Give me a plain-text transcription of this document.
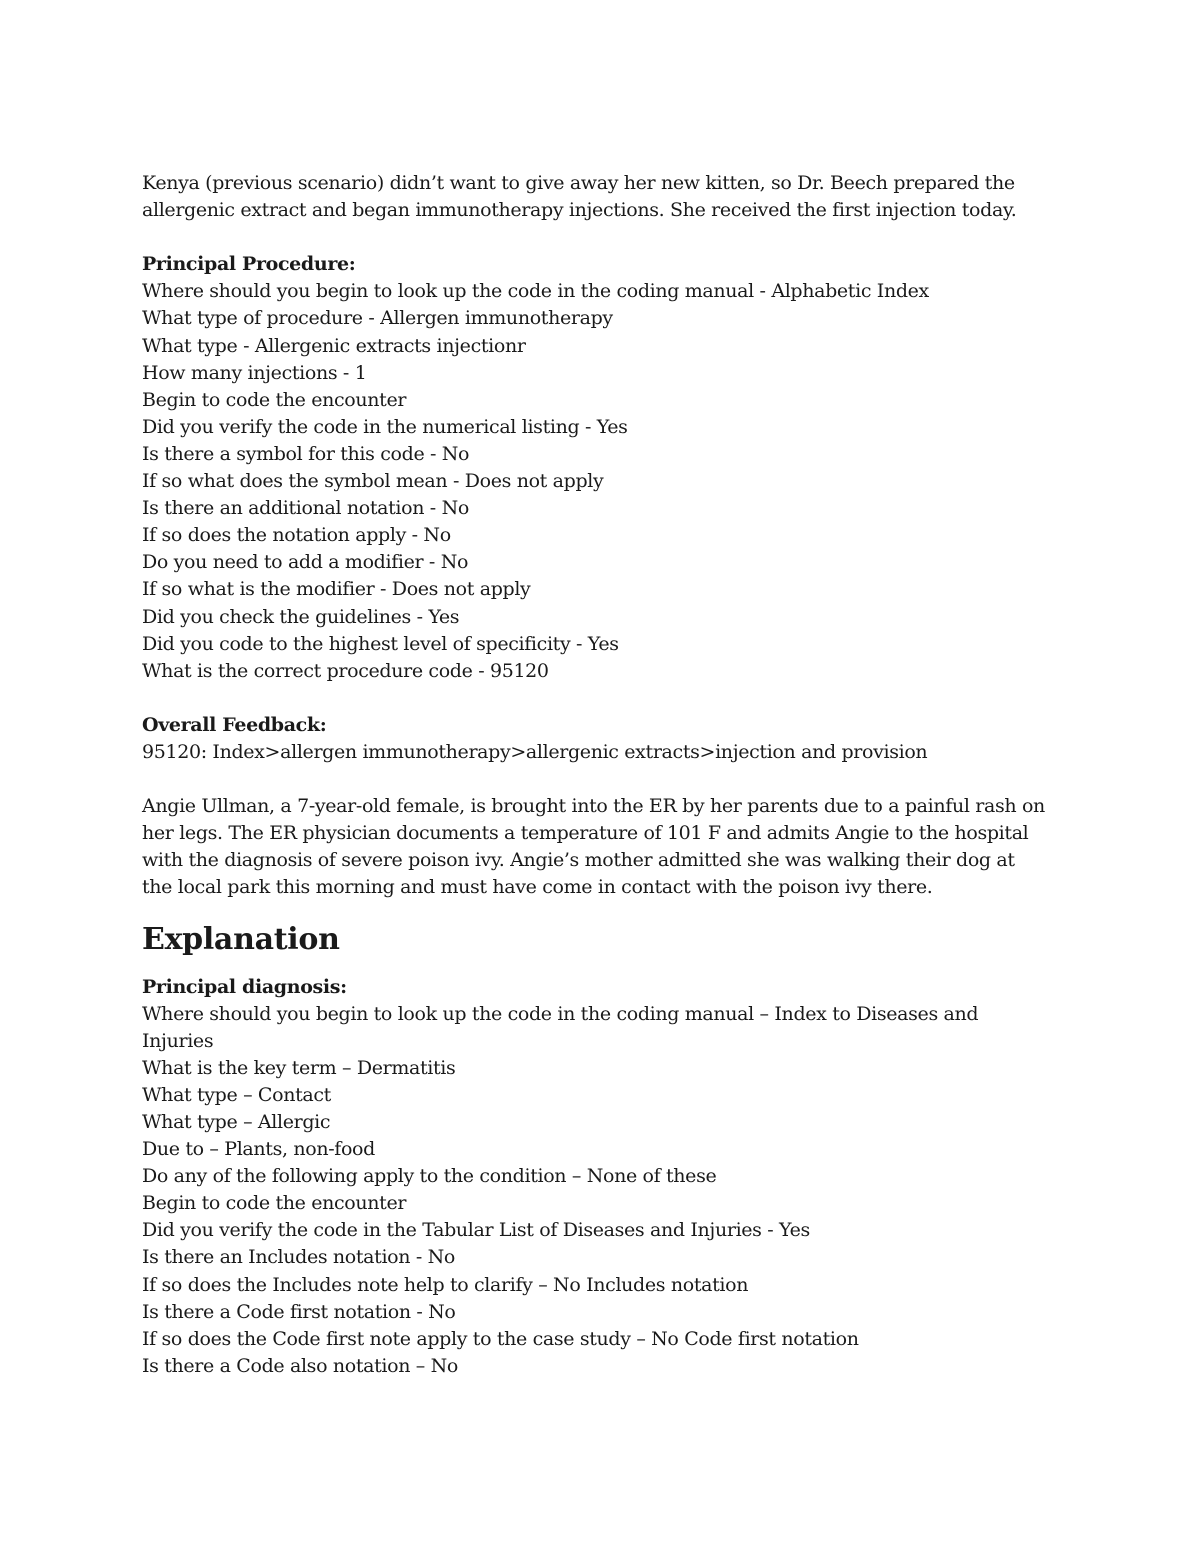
Kenya (previous scenario) didn’t want to give away her new kitten, so Dr. Beech prepared the
allergenic extract and began immunotherapy injections. She received the first injection today.
Principal Procedure:
Where should you begin to look up the code in the coding manual - Alphabetic Index
What type of procedure - Allergen immunotherapy
What type - Allergenic extracts injectionr
How many injections - 1
Begin to code the encounter
Did you verify the code in the numerical listing - Yes
Is there a symbol for this code - No
If so what does the symbol mean - Does not apply
Is there an additional notation - No
If so does the notation apply - No
Do you need to add a modifier - No
If so what is the modifier - Does not apply
Did you check the guidelines - Yes
Did you code to the highest level of specificity - Yes
What is the correct procedure code - 95120
Overall Feedback:
95120: Index>allergen immunotherapy>allergenic extracts>injection and provision
Angie Ullman, a 7-year-old female, is brought into the ER by her parents due to a painful rash on
her legs. The ER physician documents a temperature of 101 F and admits Angie to the hospital
with the diagnosis of severe poison ivy. Angie’s mother admitted she was walking their dog at
the local park this morning and must have come in contact with the poison ivy there.
Explanation
Principal diagnosis:
Where should you begin to look up the code in the coding manual – Index to Diseases and
Injuries
What is the key term – Dermatitis
What type – Contact
What type – Allergic
Due to – Plants, non-food
Do any of the following apply to the condition – None of these
Begin to code the encounter
Did you verify the code in the Tabular List of Diseases and Injuries - Yes
Is there an Includes notation - No
If so does the Includes note help to clarify – No Includes notation
Is there a Code first notation - No
If so does the Code first note apply to the case study – No Code first notation
Is there a Code also notation – No
